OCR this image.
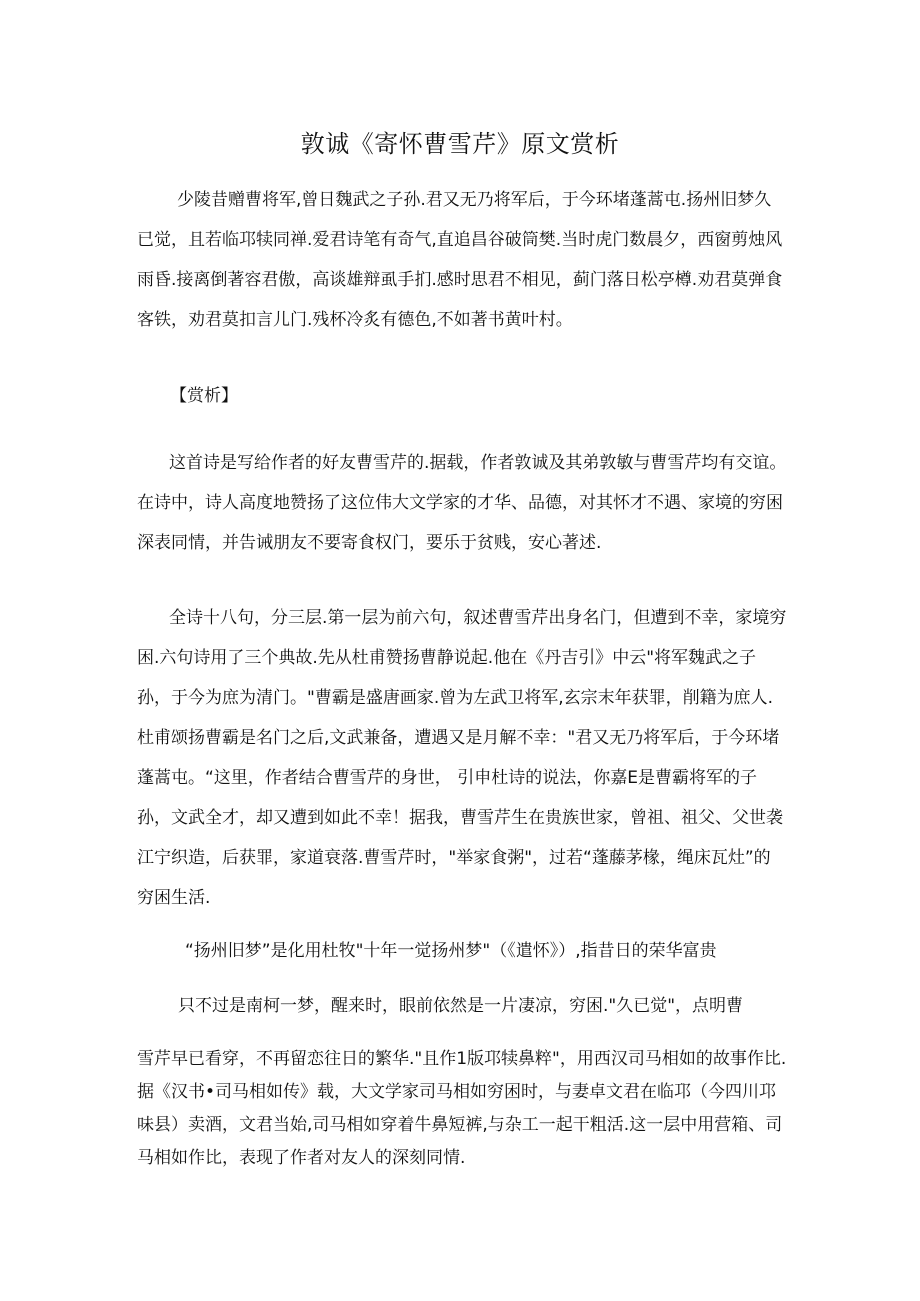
敦诚《寄怀曹雪芹》原文赏析

少陵昔赠曹将军,曾日魏武之子孙.君又无乃将军后，于今环堵蓬蒿屯.扬州旧梦久已觉，且若临邛犊同禅.爱君诗笔有奇气,直追昌谷破筒樊.当时虎门数晨夕，西窗剪烛风雨昏.接离倒著容君傲，高谈雄辩虱手扪.感时思君不相见，蓟门落日松亭樽.劝君莫弹食客铁，劝君莫扣言儿门.残杯冷炙有德色,不如著书黄叶村。

【赏析】

这首诗是写给作者的好友曹雪芹的.据载，作者敦诚及其弟敦敏与曹雪芹均有交谊。在诗中，诗人高度地赞扬了这位伟大文学家的才华、品德，对其怀才不遇、家境的穷困深表同情，并告诫朋友不要寄食权门，要乐于贫贱，安心著述.

全诗十八句，分三层.第一层为前六句，叙述曹雪芹出身名门，但遭到不幸，家境穷困.六句诗用了三个典故.先从杜甫赞扬曹静说起.他在《丹吉引》中云"将军魏武之子孙，于今为庶为清门。"曹霸是盛唐画家.曾为左武卫将军,玄宗末年获罪，削籍为庶人.杜甫颂扬曹霸是名门之后,文武兼备，遭遇又是月解不幸："君又无乃将军后，于今环堵蓬蒿屯。“这里，作者结合曹雪芹的身世， 引申杜诗的说法，你嘉E是曹霸将军的子孙，文武全才，却又遭到如此不幸！据我，曹雪芹生在贵族世家，曾祖、祖父、父世袭江宁织造，后获罪，家道衰落.曹雪芹时，"举家食粥"，过若“蓬藤茅椽，绳床瓦灶”的穷困生活.

“扬州旧梦”是化用杜牧"十年一觉扬州梦"（《遣怀》）,指昔日的荣华富贵

只不过是南柯一梦，醒来时，眼前依然是一片凄凉，穷困."久已觉"，点明曹

雪芹早已看穿，不再留恋往日的繁华."且作1版邛犊鼻粹"，用西汉司马相如的故事作比.据《汉书•司马相如传》载，大文学家司马相如穷困时，与妻卓文君在临邛（今四川邛味县）卖酒，文君当始,司马相如穿着牛鼻短裤,与杂工一起干粗活.这一层中用营箱、司马相如作比，表现了作者对友人的深刻同情.
